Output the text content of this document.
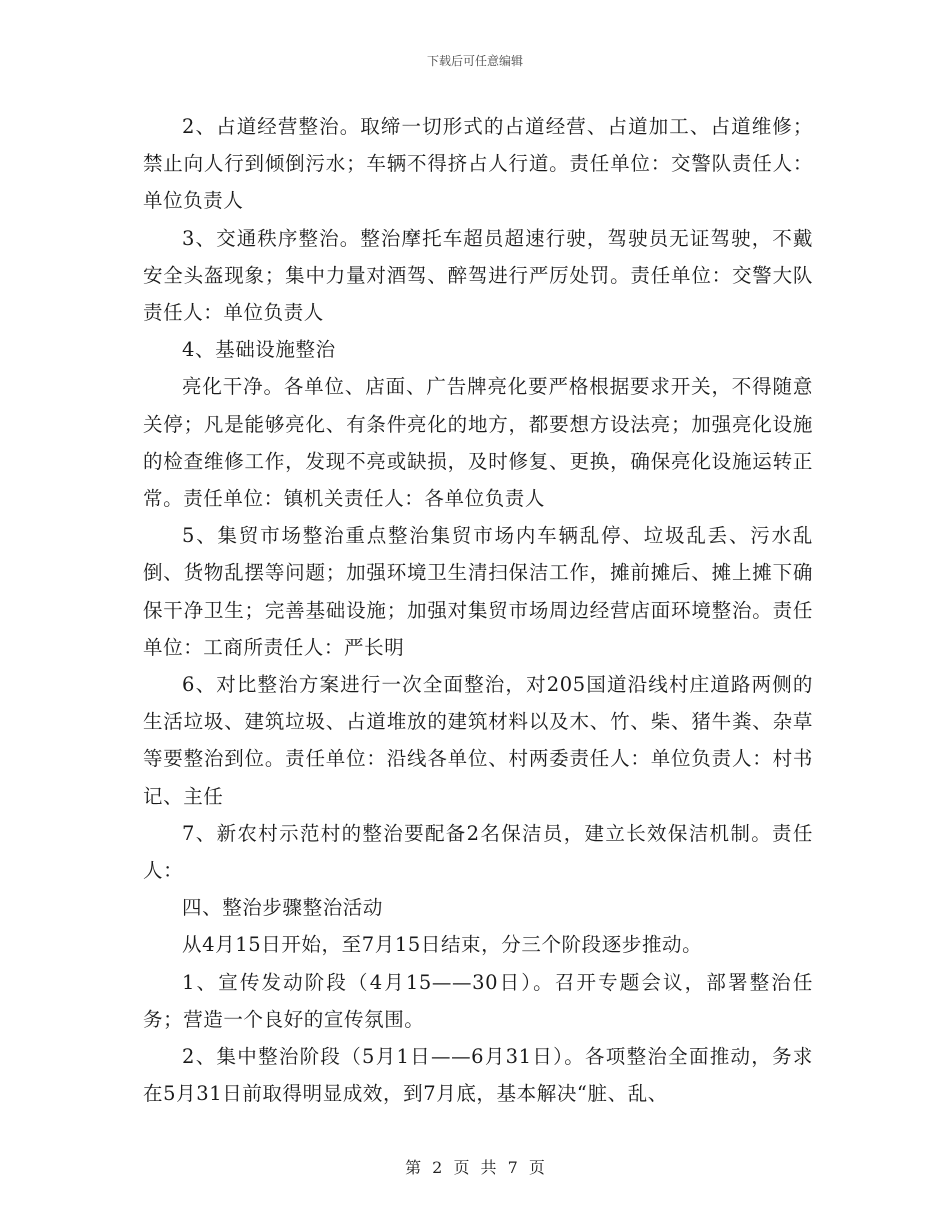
下载后可任意编辑

2、占道经营整治。取缔一切形式的占道经营、占道加工、占道维修；禁止向人行到倾倒污水；车辆不得挤占人行道。责任单位：交警队责任人：单位负责人

3、交通秩序整治。整治摩托车超员超速行驶，驾驶员无证驾驶，不戴安全头盔现象；集中力量对酒驾、醉驾进行严厉处罚。责任单位：交警大队责任人：单位负责人

4、基础设施整治

亮化干净。各单位、店面、广告牌亮化要严格根据要求开关，不得随意关停；凡是能够亮化、有条件亮化的地方，都要想方设法亮；加强亮化设施的检查维修工作，发现不亮或缺损，及时修复、更换，确保亮化设施运转正常。责任单位：镇机关责任人：各单位负责人

5、集贸市场整治重点整治集贸市场内车辆乱停、垃圾乱丢、污水乱倒、货物乱摆等问题；加强环境卫生清扫保洁工作，摊前摊后、摊上摊下确保干净卫生；完善基础设施；加强对集贸市场周边经营店面环境整治。责任单位：工商所责任人：严长明

6、对比整治方案进行一次全面整治，对205国道沿线村庄道路两侧的生活垃圾、建筑垃圾、占道堆放的建筑材料以及木、竹、柴、猪牛粪、杂草等要整治到位。责任单位：沿线各单位、村两委责任人：单位负责人：村书记、主任

7、新农村示范村的整治要配备2名保洁员，建立长效保洁机制。责任人：

四、整治步骤整治活动

从4月15日开始，至7月15日结束，分三个阶段逐步推动。

1、宣传发动阶段（4月15——30日）。召开专题会议，部署整治任务；营造一个良好的宣传氛围。

2、集中整治阶段（5月1日——6月31日）。各项整治全面推动，务求在5月31日前取得明显成效，到7月底，基本解决“脏、乱、

第 2 页 共 7 页
